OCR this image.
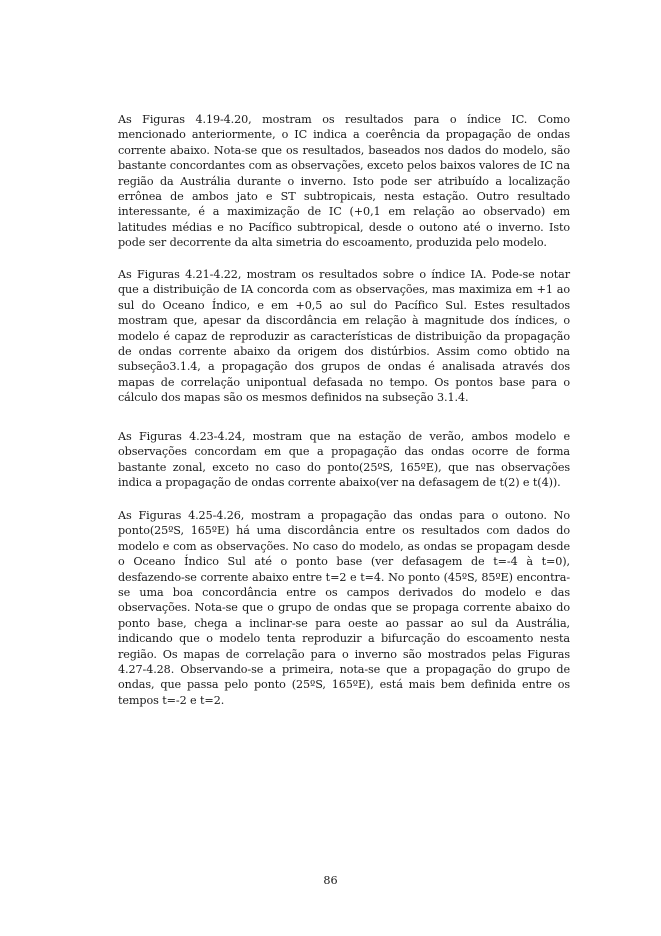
As Figuras 4.19-4.20, mostram os resultados para o índice IC. Como mencionado anteriormente, o IC indica a coerência da propagação de ondas corrente abaixo. Nota-se que os resultados, baseados nos dados do modelo, são bastante concordantes com as observações, exceto pelos baixos valores de IC na região da Austrália durante o inverno. Isto pode ser atribuído a localização errônea de ambos jato e ST subtropicais, nesta estação. Outro resultado interessante, é a maximização de IC (+0,1 em relação ao observado) em latitudes médias e no Pacífico subtropical, desde o outono até o inverno. Isto pode ser decorrente da alta simetria do escoamento, produzida pelo modelo.

As Figuras 4.21-4.22, mostram os resultados sobre o índice IA. Pode-se notar que a distribuição de IA concorda com as observações, mas maximiza em +1 ao sul do Oceano Índico, e em +0,5 ao sul do Pacífico Sul. Estes resultados mostram que, apesar da discordância em relação à magnitude dos índices, o modelo é capaz de reproduzir as características de distribuição da propagação de ondas corrente abaixo da origem dos distúrbios. Assim como obtido na subseção3.1.4, a propagação dos grupos de ondas é analisada através dos mapas de correlação unipontual defasada no tempo. Os pontos base para o cálculo dos mapas são os mesmos definidos na subseção 3.1.4.

As Figuras 4.23-4.24, mostram que na estação de verão, ambos modelo e observações concordam em que a propagação das ondas ocorre de forma bastante zonal, exceto no caso do ponto(25ºS, 165ºE), que nas observações indica a propagação de ondas corrente abaixo(ver na defasagem de t(2) e t(4)).

As Figuras 4.25-4.26, mostram a propagação das ondas para o outono. No ponto(25ºS, 165ºE) há uma discordância entre os resultados com dados do modelo e com as observações. No caso do modelo, as ondas se propagam desde o Oceano Índico Sul até o ponto base (ver defasagem de t=-4 à t=0), desfazendo-se corrente abaixo entre t=2 e t=4. No ponto (45ºS, 85ºE) encontra-se uma boa concordância entre os campos derivados do modelo e das observações. Nota-se que o grupo de ondas que se propaga corrente abaixo do ponto base, chega a inclinar-se para oeste ao passar ao sul da Austrália, indicando que o modelo tenta reproduzir a bifurcação do escoamento nesta região. Os mapas de correlação para o inverno são mostrados pelas Figuras 4.27-4.28. Observando-se a primeira, nota-se que a propagação do grupo de ondas, que passa pelo ponto (25ºS, 165ºE), está mais bem definida entre os tempos t=-2 e t=2.

86
